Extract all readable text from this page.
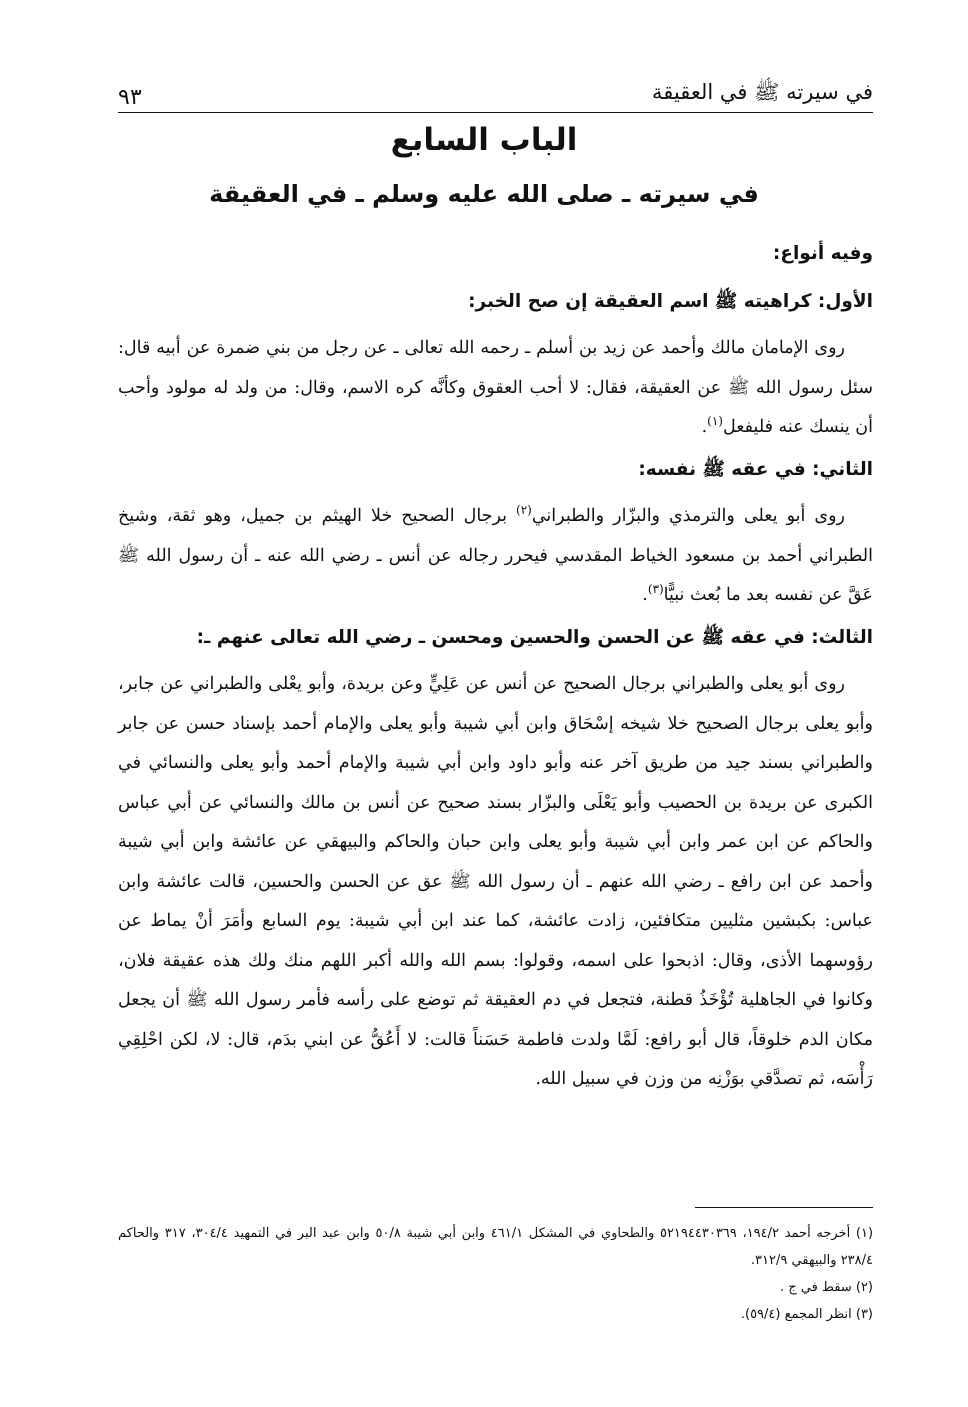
في سيرته ﷺ في العقيقة
٩٣
الباب السابع
في سيرته ـ صلى الله عليه وسلم ـ في العقيقة
وفيه أنواع:
الأول: كراهيته ﷺ اسم العقيقة إن صح الخبر:

روى الإمامان مالك وأحمد عن زيد بن أسلم ـ رحمه الله تعالى ـ عن رجل من بني ضمرة عن أبيه قال: سئل رسول الله ﷺ عن العقيقة، فقال: لا أحب العقوق وكأنَّه كره الاسم، وقال: من ولد له مولود وأحب أن ينسك عنه فليفعل$^{(١)}$.

الثاني: في عقه ﷺ نفسه:

روى أبو يعلى والترمذي والبزّار والطبراني$^{(٢)}$ برجال الصحيح خلا الهيثم بن جميل، وهو ثقة، وشيخ الطبراني أحمد بن مسعود الخياط المقدسي فيحرر رجاله عن أنس ـ رضي الله عنه ـ أن رسول الله ﷺ عَقَّ عن نفسه بعد ما بُعث نبيًّا$^{(٣)}$.

الثالث: في عقه ﷺ عن الحسن والحسين ومحسن ـ رضي الله تعالى عنهم ـ:

روى أبو يعلى والطبراني برجال الصحيح عن أنس عن عَلِيٍّ وعن بريدة، وأبو يعْلى والطبراني عن جابر، وأبو يعلى برجال الصحيح خلا شيخه إسْحَاق وابن أبي شيبة وأبو يعلى والإمام أحمد بإسناد حسن عن جابر والطبراني بسند جيد من طريق آخر عنه وأبو داود وابن أبي شيبة والإمام أحمد وأبو يعلى والنسائي في الكبرى عن بريدة بن الحصيب وأبو يَعْلَى والبزّار بسند صحيح عن أنس بن مالك والنسائي عن أبي عباس والحاكم عن ابن عمر وابن أبي شيبة وأبو يعلى وابن حبان والحاكم والبيهقي عن عائشة وابن أبي شيبة وأحمد عن ابن رافع ـ رضي الله عنهم ـ أن رسول الله ﷺ عق عن الحسن والحسين، قالت عائشة وابن عباس: بكبشين مثليين متكافئين، زادت عائشة، كما عند ابن أبي شيبة: يوم السابع وأمَرَ أنْ يماط عن رؤوسهما الأذى، وقال: اذبحوا على اسمه، وقولوا: بسم الله والله أكبر اللهم منك ولك هذه عقيقة فلان، وكانوا في الجاهلية تُؤْخَذُ قطنة، فتجعل في دم العقيقة ثم توضع على رأسه فأمر رسول الله ﷺ أن يجعل مكان الدم خلوقاً، قال أبو رافع: لَمَّا ولدت فاطمة حَسَناً قالت: لا أَعُقُّ عن ابني بدَم، قال: لا، لكن احْلِقِي رَأْسَه، ثم تصدَّقي بوَزْنِه من وزن في سبيل الله.

(١) أخرجه أحمد ١٩٤/٢، ٥٢١٩٤٤٣٠٣٦٩ والطحاوي في المشكل ٤٦١/١ وابن أبي شيبة ٥٠/٨ وابن عبد البر في التمهيد ٣٠٤/٤، ٣١٧ والحاكم ٢٣٨/٤ والبيهقي ٣١٢/٩.

(٢) سقط في ج .

(٣) انظر المجمع (٥٩/٤).
